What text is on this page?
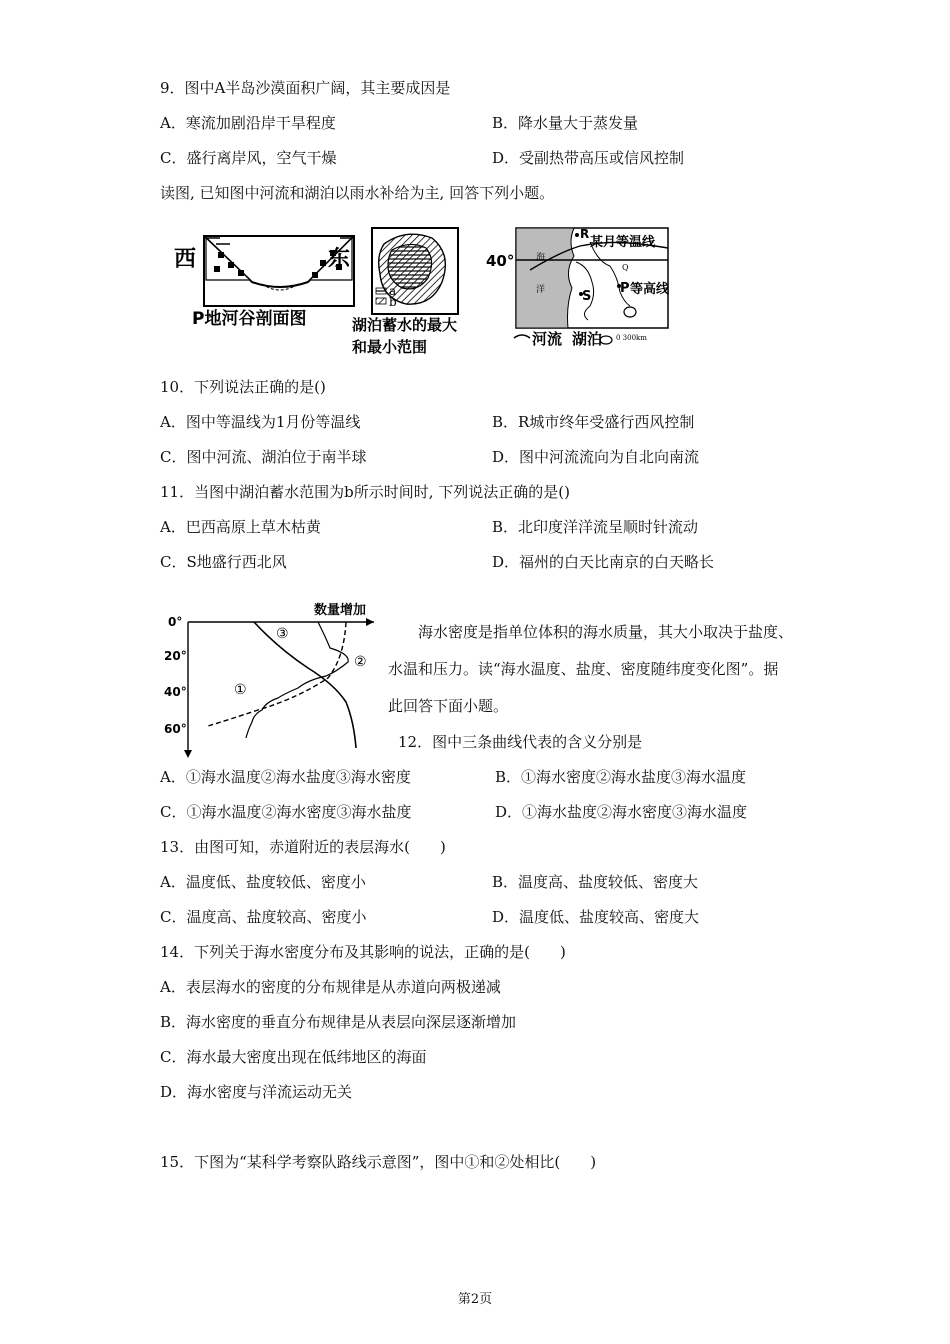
9．图中A半岛沙漠面积广阔，其主要成因是
A．寒流加剧沿岸干旱程度	B．降水量大于蒸发量
C．盛行离岸风，空气干燥	D．受副热带高压或信风控制
读图, 已知图中河流和湖泊以雨水补给为主, 回答下列小题。
西	东
P地河谷剖面图
a
b
湖泊蓄水的最大
和最小范围
40°
R
某月等温线
海
洋
Q
S
P 等高线
河流 湖泊 0 300km
10．下列说法正确的是()
A．图中等温线为1月份等温线	B．R城市终年受盛行西风控制
C．图中河流、湖泊位于南半球	D．图中河流流向为自北向南流
11．当图中湖泊蓄水范围为b所示时间时, 下列说法正确的是()
A．巴西高原上草木枯黄	B．北印度洋洋流呈顺时针流动
C．S地盛行西北风	D．福州的白天比南京的白天略长
数量增加
0°
20°
40°
60°
①
②
③	海水密度是指单位体积的海水质量，其大小取决于盐度、水温和压力。读“海水温度、盐度、密度随纬度变化图”。据此回答下面小题。
12．图中三条曲线代表的含义分别是
A．①海水温度②海水盐度③海水密度	B．①海水密度②海水盐度③海水温度
C．①海水温度②海水密度③海水盐度	D．①海水盐度②海水密度③海水温度
13．由图可知，赤道附近的表层海水(　　)
A．温度低、盐度较低、密度小	B．温度高、盐度较低、密度大
C．温度高、盐度较高、密度小	D．温度低、盐度较高、密度大
14．下列关于海水密度分布及其影响的说法，正确的是(　　)
A．表层海水的密度的分布规律是从赤道向两极递减
B．海水密度的垂直分布规律是从表层向深层逐渐增加
C．海水最大密度出现在低纬地区的海面
D．海水密度与洋流运动无关
15．下图为“某科学考察队路线示意图”，图中①和②处相比(　　)
第2页
